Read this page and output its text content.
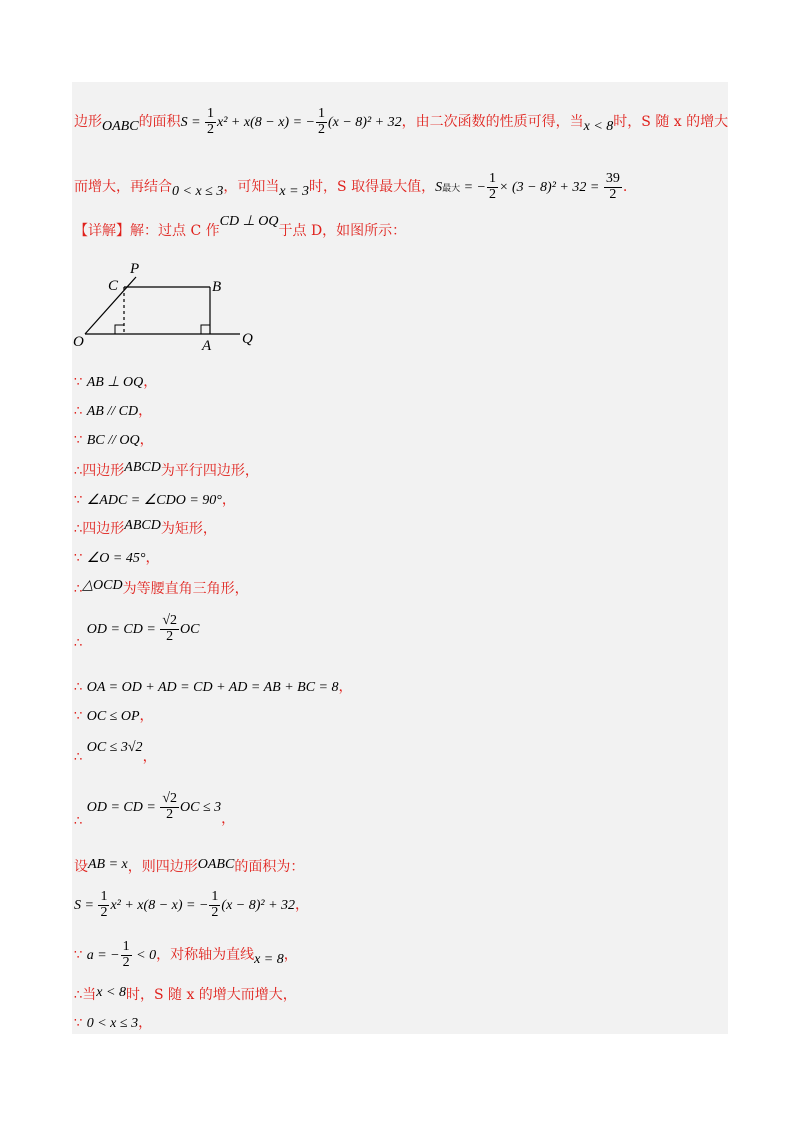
边形OABC的面积$S = \frac{1}{2} x^2 + x(8 - x)$ = − $\frac{1}{2} (x - 8)^2 + 32$，由二次函数的性质可得，当x < 8时，S 随 x 的增大
而增大，再结合0 < x ≤ 3，可知当x = 3时，S 取得最大值，S最大 = − $\frac{1}{2} \times (3 - 8)^2 + 32 = \frac{39}{2}$ .
【详解】解：过点 C 作CD ⊥ OQ于点 D，如图所示：
P
C	B
O	A Q
∵ AB ⊥ OQ，
∴ AB // CD，
∵ BC // OQ，
∴四边形ABCD为平行四边形，
∵ ∠ADC = ∠CDO = 90°，
∴四边形ABCD为矩形，
∵ ∠O = 45°，
∴△OCD为等腰直角三角形，
∴ OD = CD = $\frac{√2}{2}$ OC
∴ OA = OD + AD = CD + AD = AB + BC = 8，
∵ OC ≤ OP，
∴ OC ≤ 3√2，
∴ OD = CD = $\frac{√2}{2}$ OC ≤ 3，
设AB = x，则四边形OABC的面积为：
$S = \frac{1}{2} x^2 + x(8 - x)$ = − $\frac{1}{2} (x - 8)^2 + 32$，
∵ a = − $\frac{1}{2} < 0$，对称轴为直线x = 8，
∴当x < 8时，S 随 x 的增大而增大，
∵ 0 < x ≤ 3，
